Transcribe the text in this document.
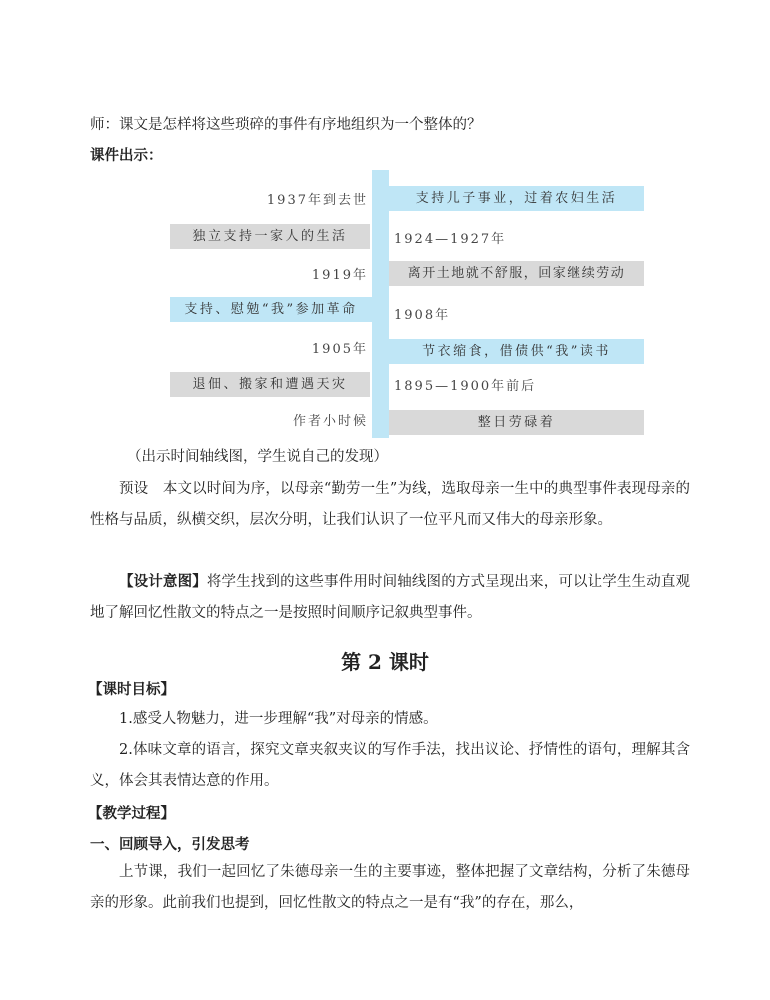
师：课文是怎样将这些琐碎的事件有序地组织为一个整体的？
课件出示：
1937年到去世
独立支持一家人的生活
1919年
支持、慰勉“我”参加革命
1905年
退佃、搬家和遭遇天灾
作者小时候
支持儿子事业，过着农妇生活
1924—1927年
离开土地就不舒服，回家继续劳动
1908年
节衣缩食，借债供“我”读书
1895—1900年前后
整日劳碌着
（出示时间轴线图，学生说自己的发现）
预设　本文以时间为序，以母亲“勤劳一生”为线，选取母亲一生中的典型事件表现母亲的性格与品质，纵横交织，层次分明，让我们认识了一位平凡而又伟大的母亲形象。
【设计意图】将学生找到的这些事件用时间轴线图的方式呈现出来，可以让学生生动直观地了解回忆性散文的特点之一是按照时间顺序记叙典型事件。
第 2 课时
【课时目标】
1.感受人物魅力，进一步理解“我”对母亲的情感。
2.体味文章的语言，探究文章夹叙夹议的写作手法，找出议论、抒情性的语句，理解其含义，体会其表情达意的作用。
【教学过程】
一、回顾导入，引发思考
上节课，我们一起回忆了朱德母亲一生的主要事迹，整体把握了文章结构，分析了朱德母亲的形象。此前我们也提到，回忆性散文的特点之一是有“我”的存在，那么，
